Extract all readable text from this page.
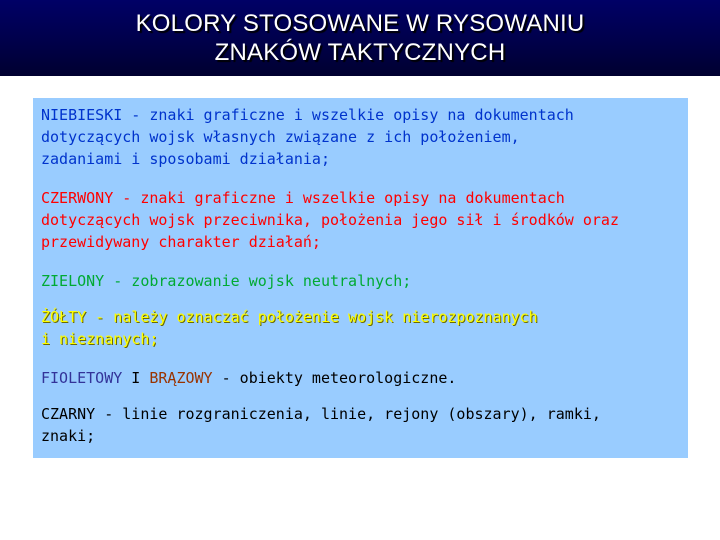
KOLORY STOSOWANE W RYSOWANIU
ZNAKÓW TAKTYCZNYCH

NIEBIESKI - znaki graficzne i wszelkie opisy na dokumentach
dotyczących wojsk własnych związane z ich położeniem,
zadaniami i sposobami działania;

CZERWONY - znaki graficzne i wszelkie opisy na dokumentach
dotyczących wojsk przeciwnika, położenia jego sił i środków oraz
przewidywany charakter działań;

ZIELONY - zobrazowanie wojsk neutralnych;

ŻÓŁTY - należy oznaczać położenie wojsk nierozpoznanych
i nieznanych;

FIOLETOWY I BRĄZOWY - obiekty meteorologiczne.

CZARNY - linie rozgraniczenia, linie, rejony (obszary), ramki,
znaki;
